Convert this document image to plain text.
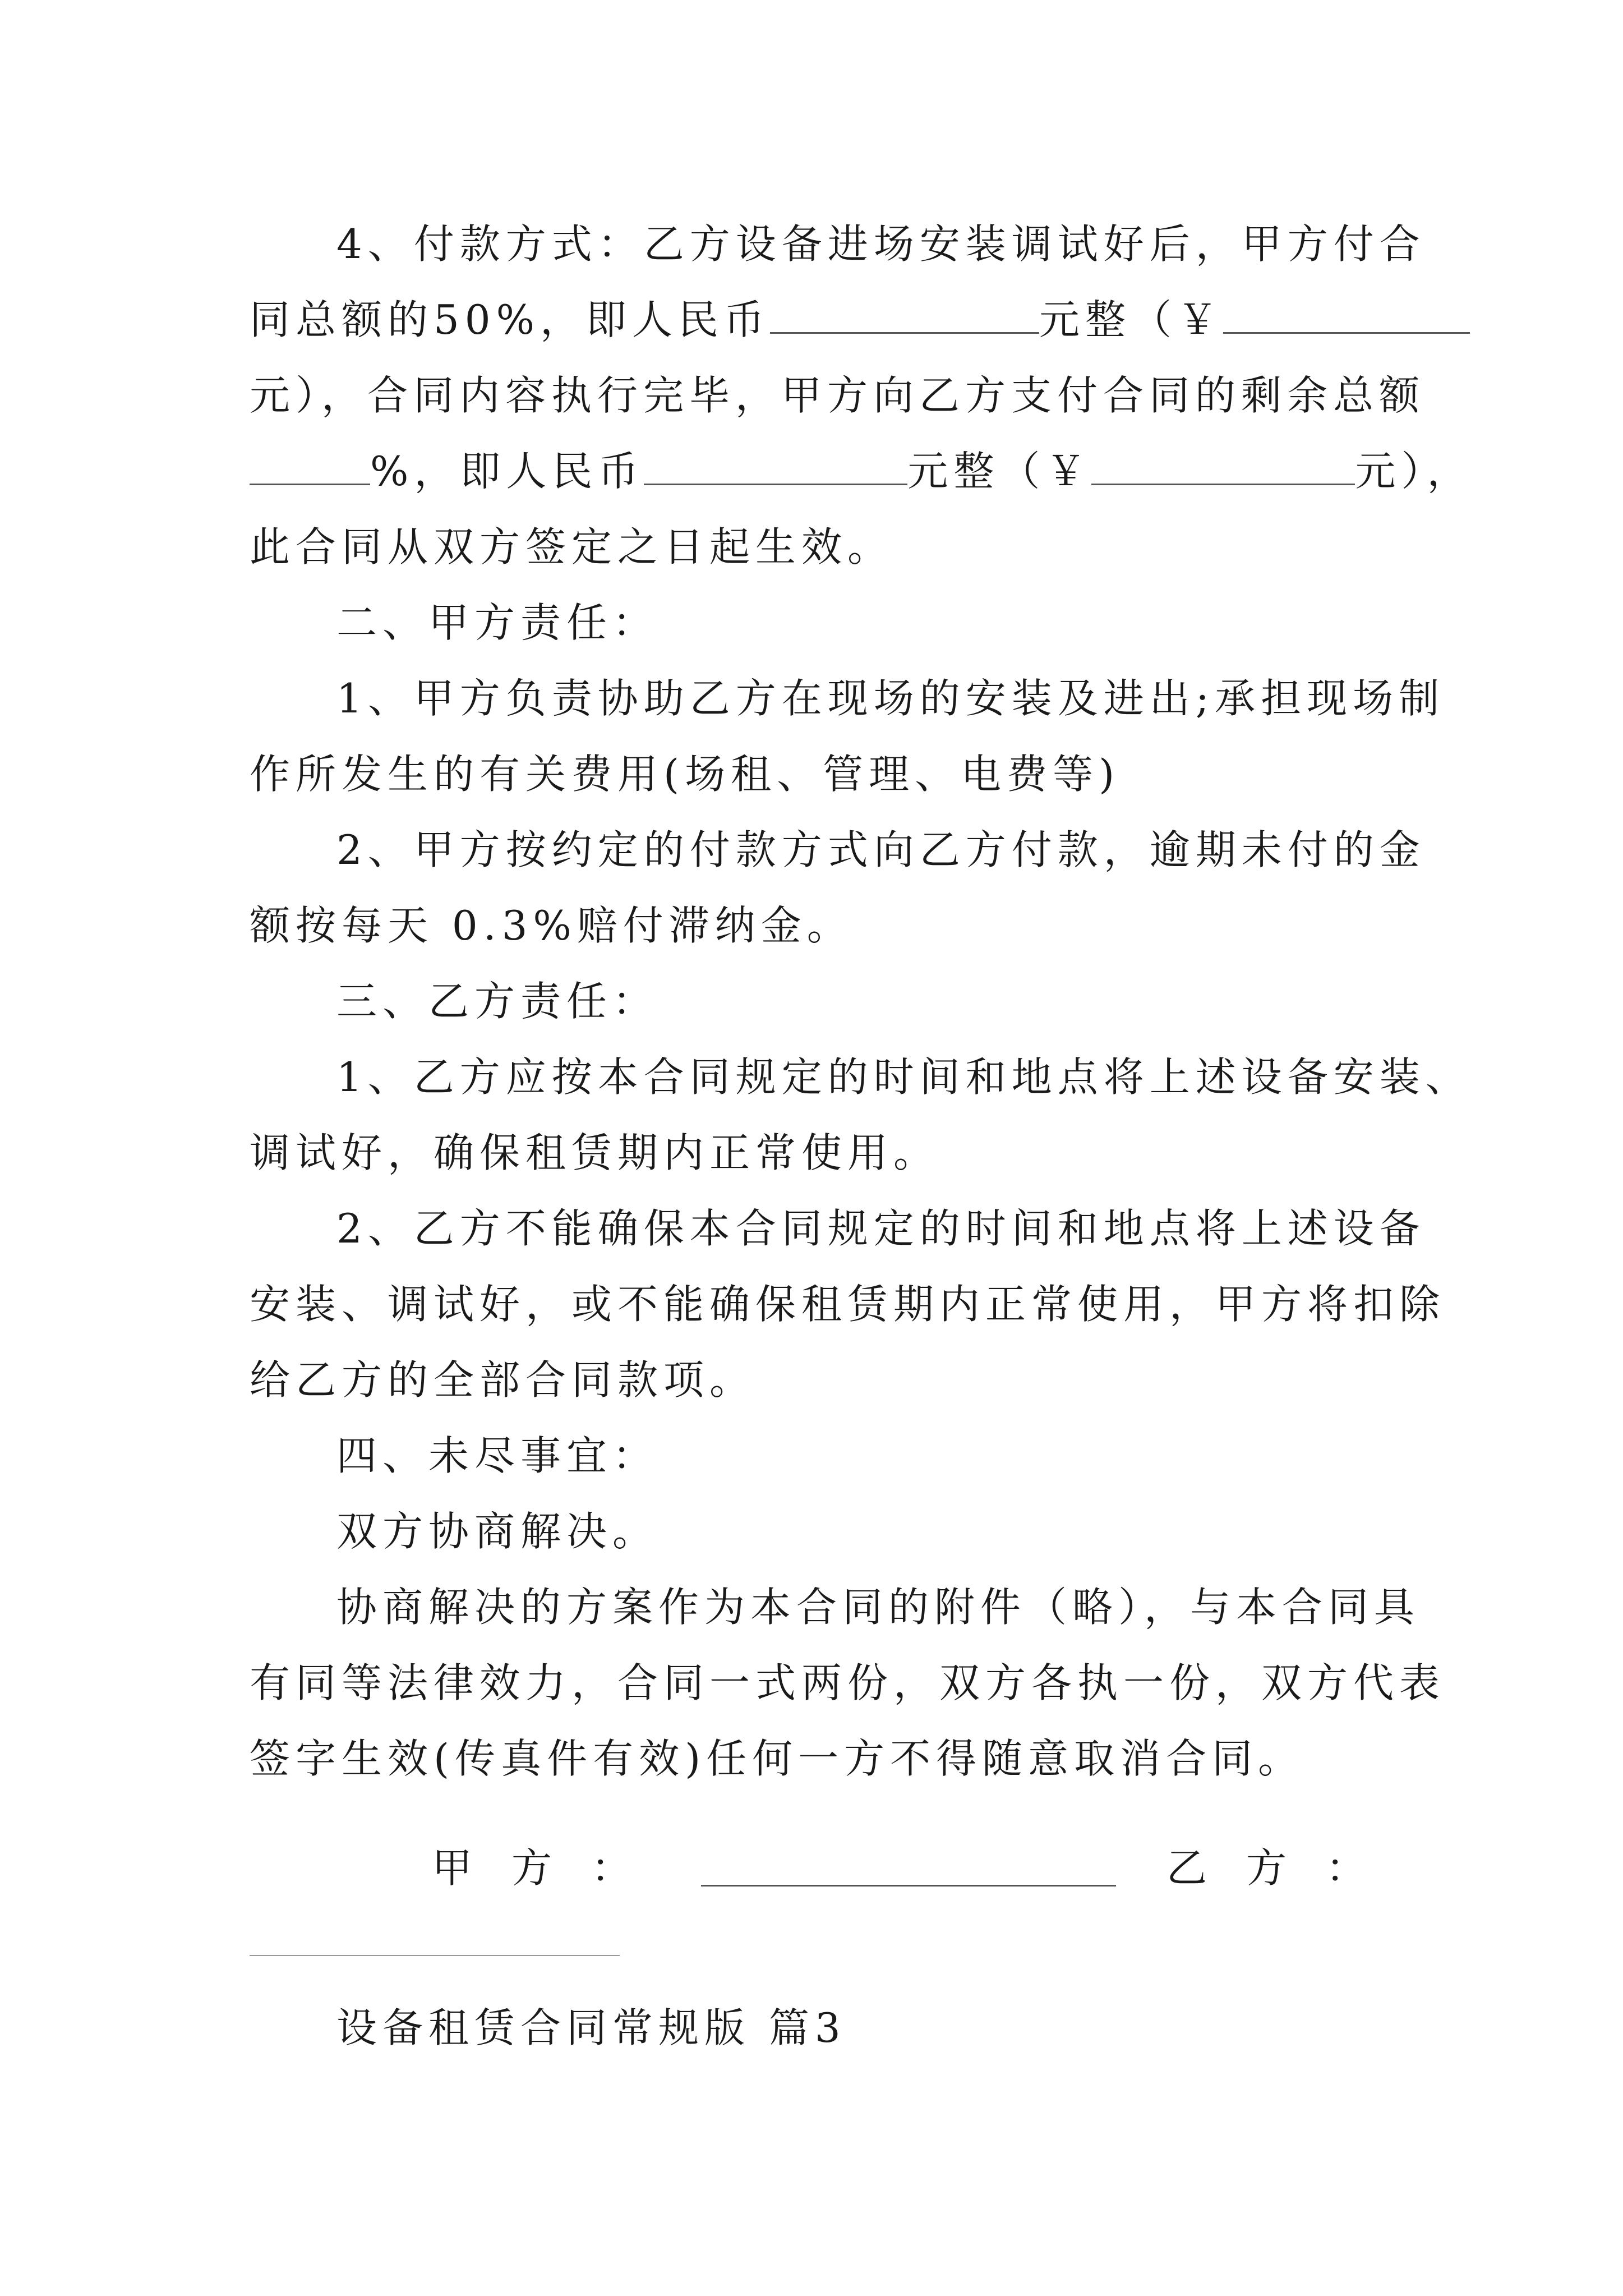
4、付款方式：乙方设备进场安装调试好后，甲方付合
同总额的50%，即人民币	元整（￥
元），合同内容执行完毕，甲方向乙方支付合同的剩余总额
%，即人民币	元整（￥	元），
此合同从双方签定之日起生效。
二、甲方责任：
1、甲方负责协助乙方在现场的安装及进出;承担现场制
作所发生的有关费用(场租、管理、电费等)
2、甲方按约定的付款方式向乙方付款，逾期未付的金
额按每天 0.3%赔付滞纳金。
三、乙方责任：
1、乙方应按本合同规定的时间和地点将上述设备安装、
调试好，确保租赁期内正常使用。
2、乙方不能确保本合同规定的时间和地点将上述设备
安装、调试好，或不能确保租赁期内正常使用，甲方将扣除
给乙方的全部合同款项。
四、未尽事宜：
双方协商解决。
协商解决的方案作为本合同的附件（略），与本合同具
有同等法律效力，合同一式两份，双方各执一份，双方代表
签字生效(传真件有效)任何一方不得随意取消合同。
甲方：	乙方：
设备租赁合同常规版 篇3
